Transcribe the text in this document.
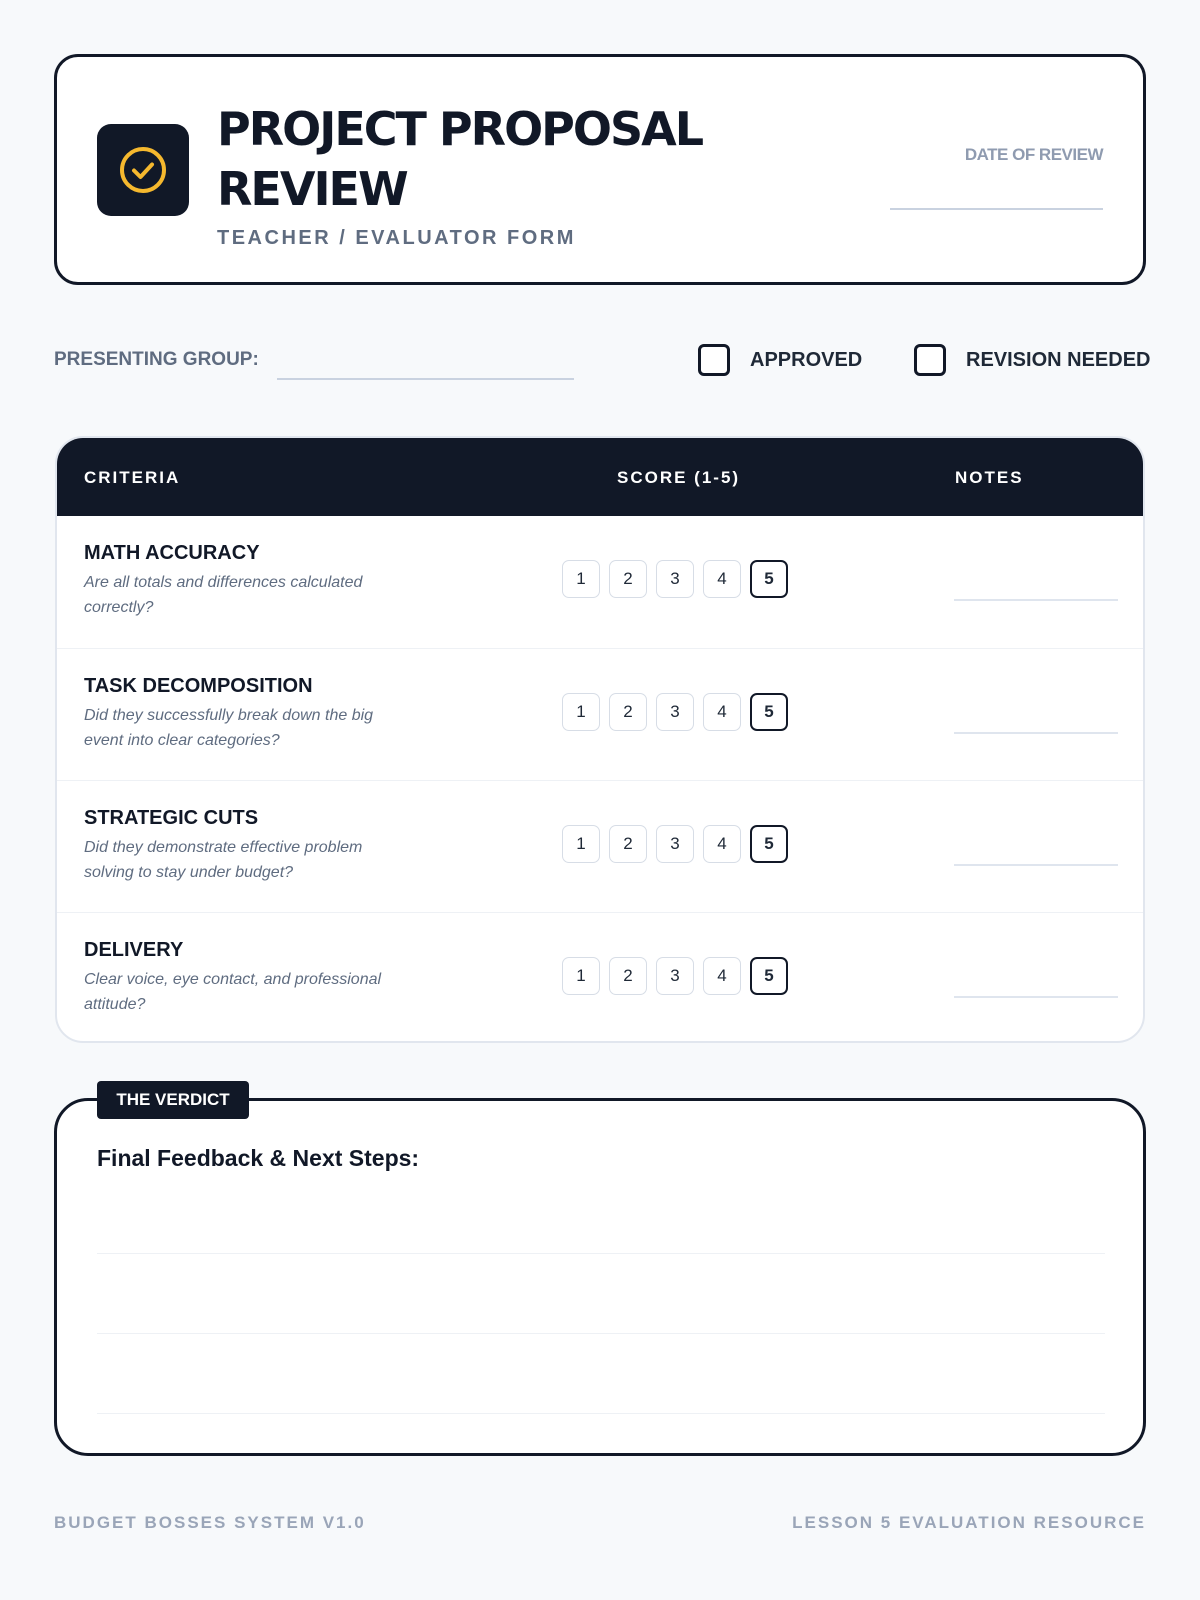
PROJECT PROPOSAL REVIEW
TEACHER / EVALUATOR FORM
DATE OF REVIEW
PRESENTING GROUP:	APPROVED	REVISION NEEDED
CRITERIA	SCORE (1-5)	NOTES
MATH ACCURACY
Are all totals and differences calculated correctly?
1	2	3	4	5
TASK DECOMPOSITION
Did they successfully break down the big event into clear categories?
1	2	3	4	5
STRATEGIC CUTS
Did they demonstrate effective problem solving to stay under budget?
1	2	3	4	5
DELIVERY
Clear voice, eye contact, and professional attitude?
1	2	3	4	5
Final Feedback & Next Steps:
THE VERDICT
BUDGET BOSSES SYSTEM V1.0	LESSON 5 EVALUATION RESOURCE
